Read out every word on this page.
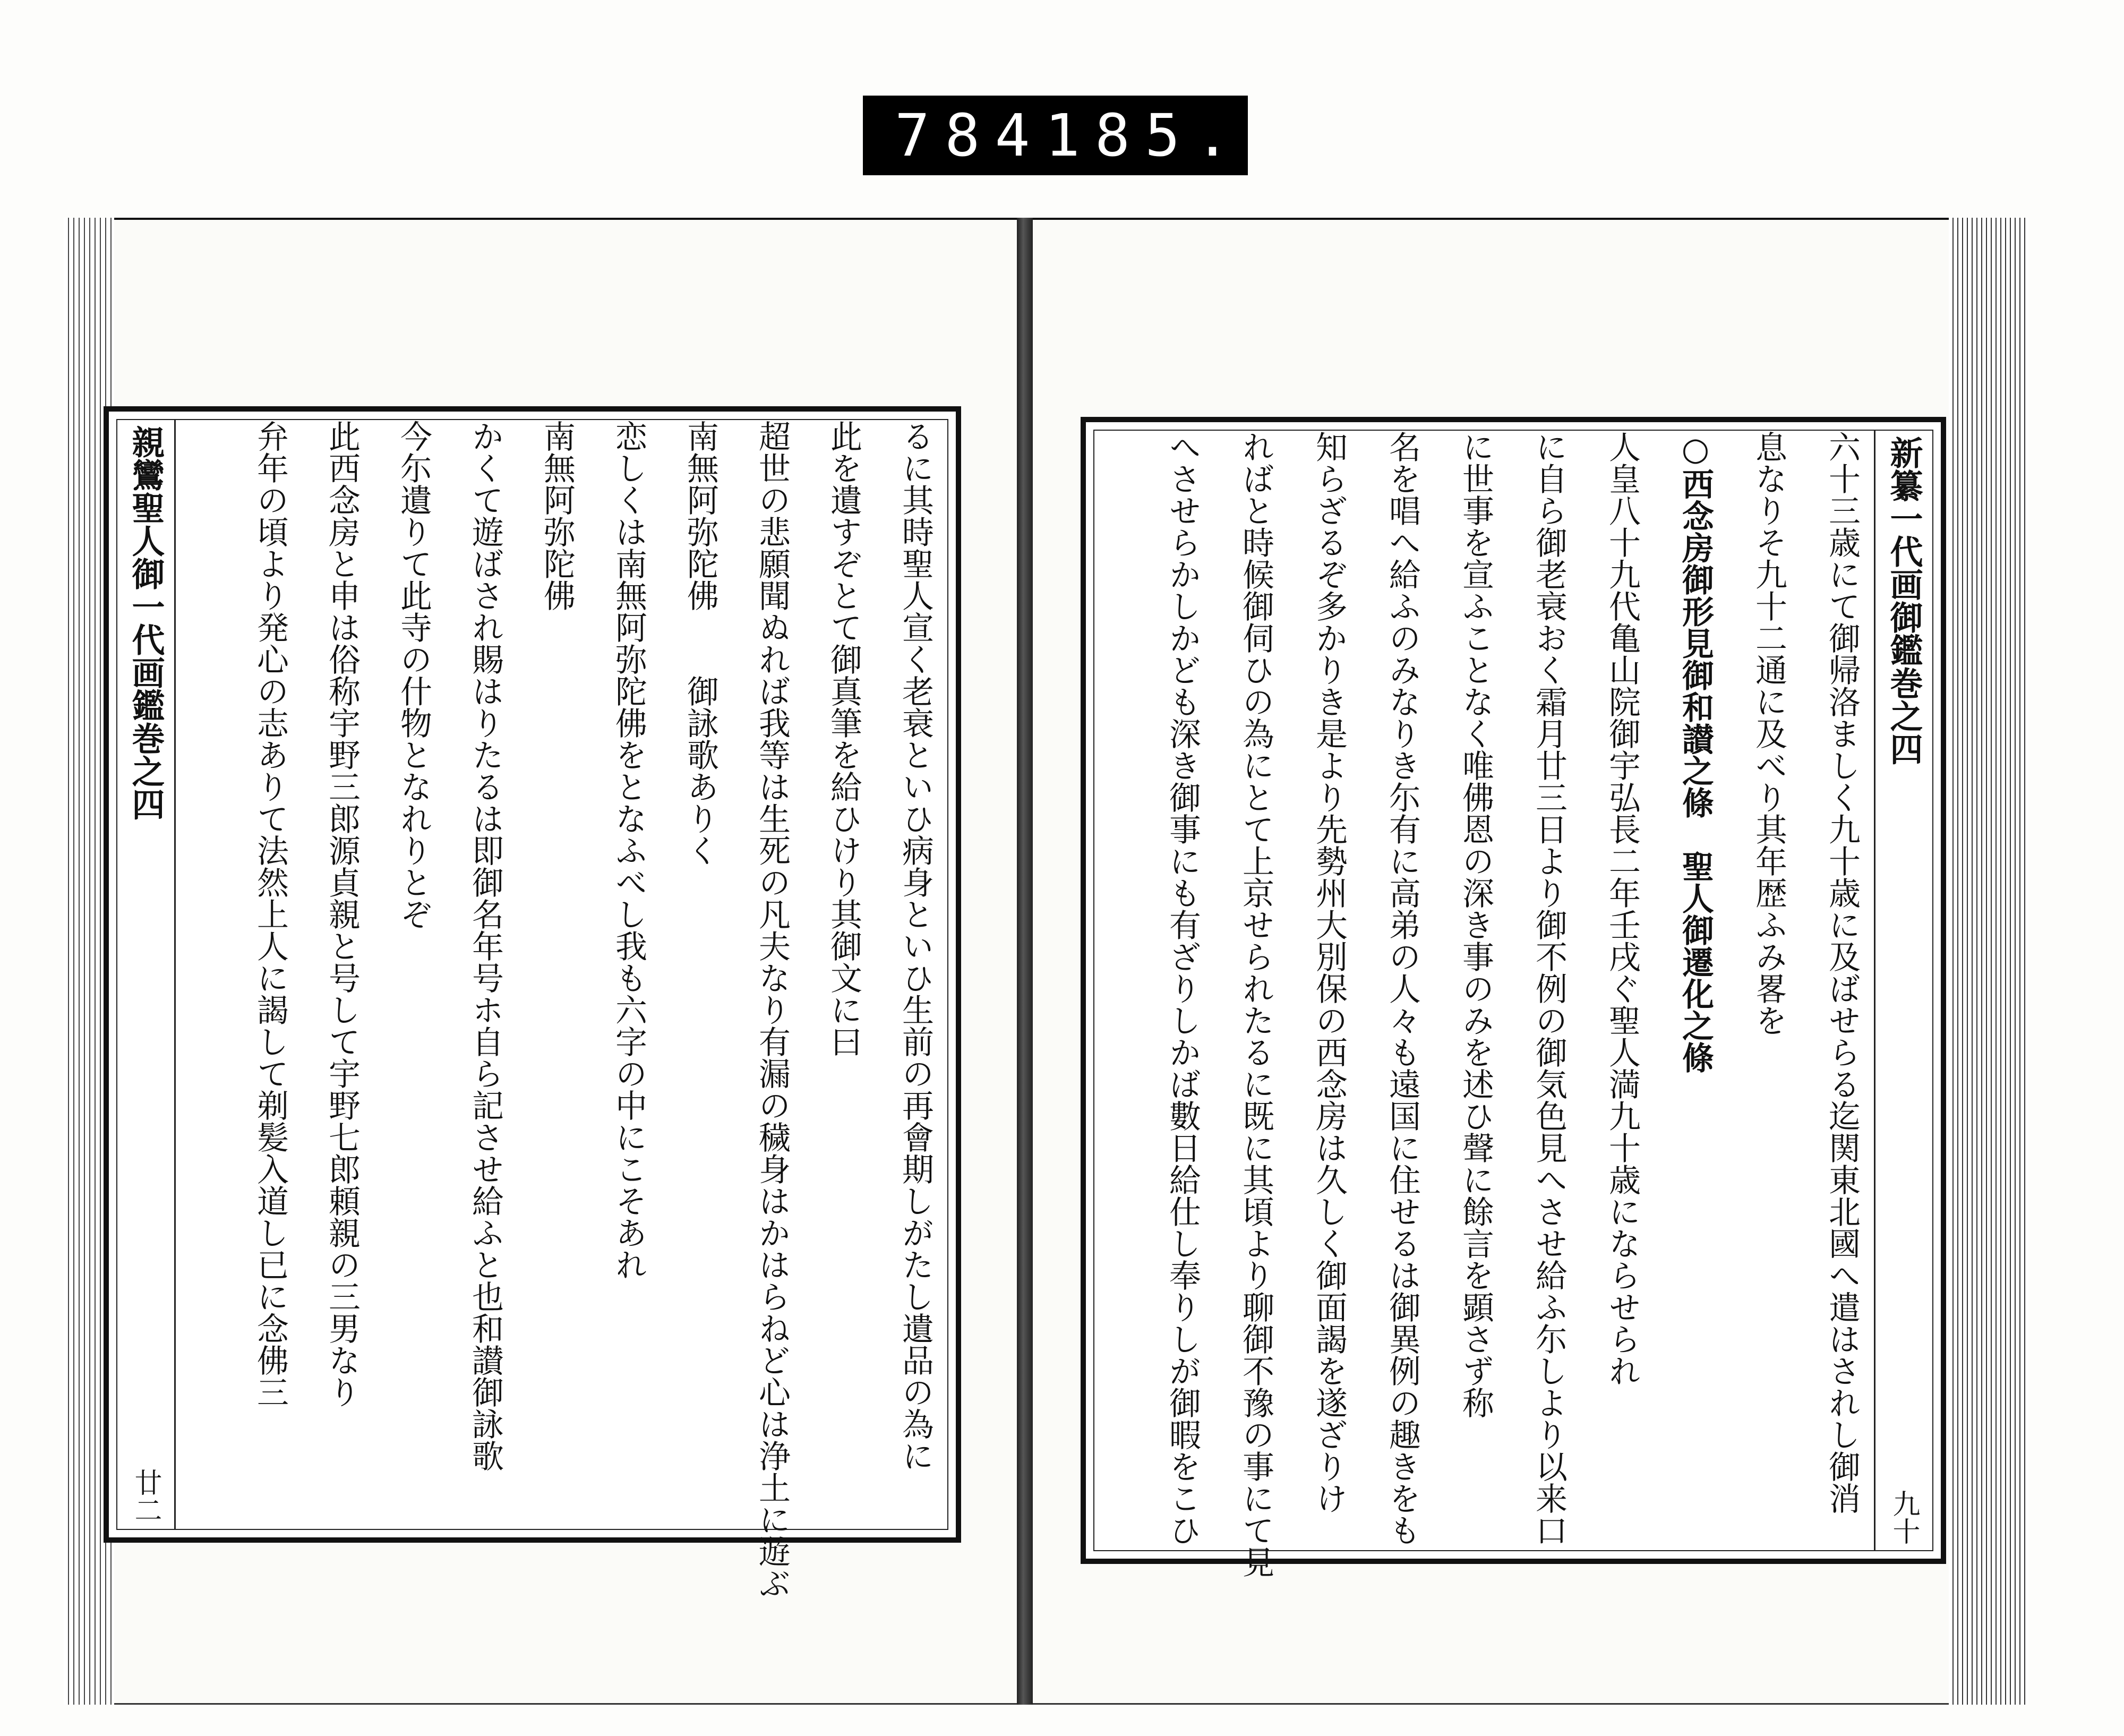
784 185.
新纂一代画御鑑巻之四
九十
六十三歳にて御帰洛ましく九十歳に及ばせらる迄関東北國へ遣はされし御消
息なりそ九十二通に及べり其年歴ふみ畧を
○西念房御形見御和讃之條　聖人御遷化之條
人皇八十九代亀山院御宇弘長二年壬戌ぐ聖人満九十歳にならせられ
に自ら御老衰おく霜月廿三日より御不例の御気色見へさせ給ふ尓しより以来口
に世事を宣ふことなく唯佛恩の深き事のみを述ひ聲に餘言を顕さず称
名を唱へ給ふのみなりき尓有に高弟の人々も遠国に住せるは御異例の趣きをも
知らざるぞ多かりき是より先勢州大別保の西念房は久しく御面謁を遂ざりけ
ればと時候御伺ひの為にとて上京せられたるに既に其頃より聊御不豫の事にて見
へさせらかしかども深き御事にも有ざりしかば數日給仕し奉りしが御暇をこひ
るに其時聖人宣く老衰といひ病身といひ生前の再會期しがたし遺品の為に
此を遺すぞとて御真筆を給ひけり其御文に曰
超世の悲願聞ぬれば我等は生死の凡夫なり有漏の穢身はかはらねど心は浄土に遊ぶ
南無阿弥陀佛　　御詠歌ありく
恋しくは南無阿弥陀佛をとなふべし我も六字の中にこそあれ
南無阿弥陀佛
かくて遊ばされ賜はりたるは即御名年号ホ自ら記させ給ふと也和讃御詠歌
今尓遺りて此寺の什物となれりとぞ
此西念房と申は俗称宇野三郎源貞親と号して宇野七郎頼親の三男なり
弁年の頃より発心の志ありて法然上人に謁して剃髪入道し已に念佛三
親鸞聖人御一代画鑑巻之四
廿二
